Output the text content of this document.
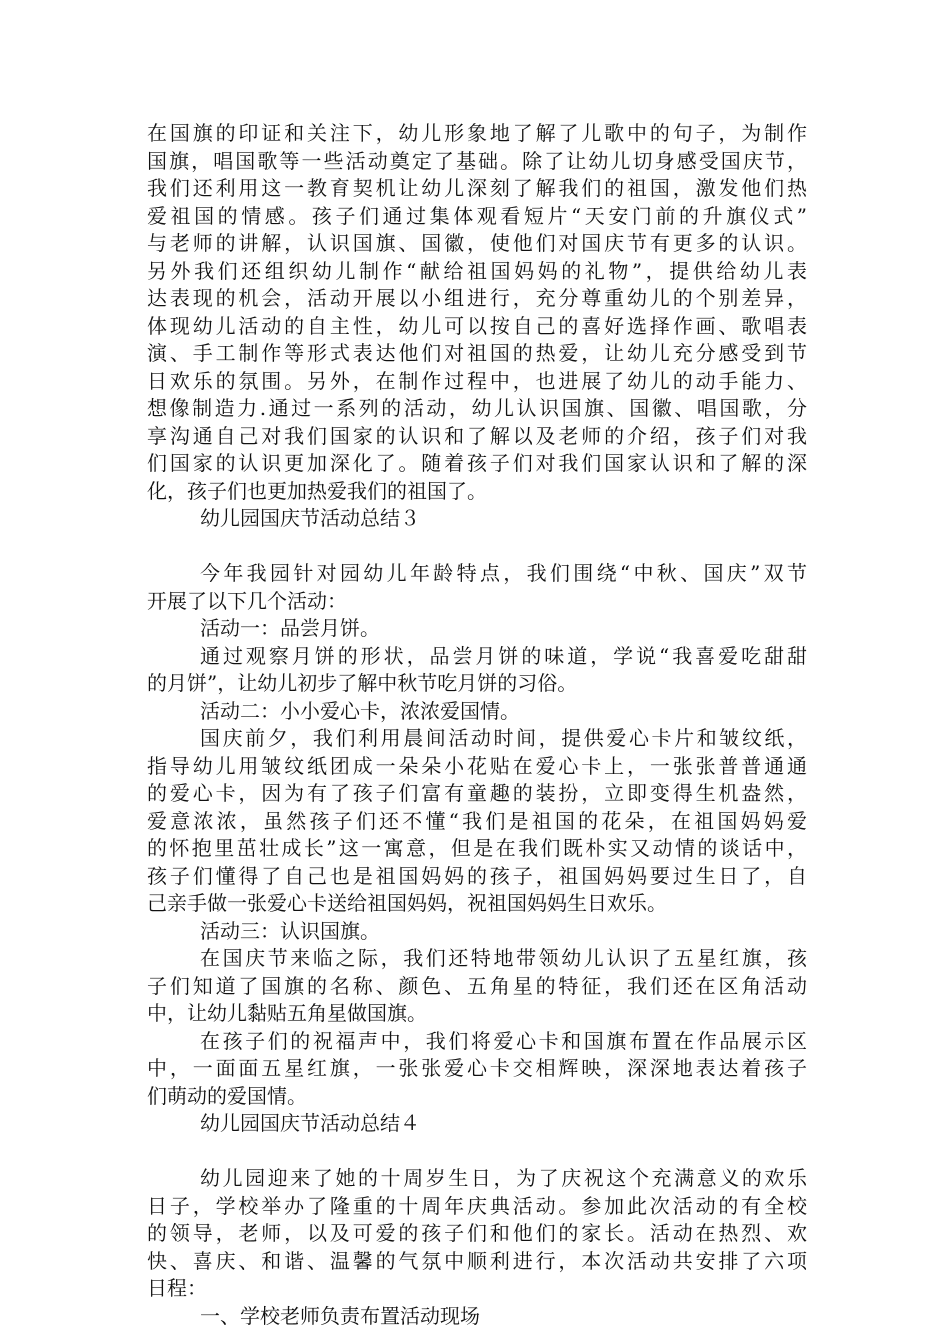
在国旗的印证和关注下，幼儿形象地了解了儿歌中的句子，为制作
国旗，唱国歌等一些活动奠定了基础。除了让幼儿切身感受国庆节，
我们还利用这一教育契机让幼儿深刻了解我们的祖国，激发他们热
爱祖国的情感。孩子们通过集体观看短片“天安门前的升旗仪式”
与老师的讲解，认识国旗、国徽，使他们对国庆节有更多的认识。
另外我们还组织幼儿制作“献给祖国妈妈的礼物”，提供给幼儿表
达表现的机会，活动开展以小组进行，充分尊重幼儿的个别差异，
体现幼儿活动的自主性，幼儿可以按自己的喜好选择作画、歌唱表
演、手工制作等形式表达他们对祖国的热爱，让幼儿充分感受到节
日欢乐的氛围。另外，在制作过程中，也进展了幼儿的动手能力、
想像制造力.通过一系列的活动，幼儿认识国旗、国徽、唱国歌，分
享沟通自己对我们国家的认识和了解以及老师的介绍，孩子们对我
们国家的认识更加深化了。随着孩子们对我们国家认识和了解的深
化，孩子们也更加热爱我们的祖国了。
幼儿园国庆节活动总结３
今年我园针对园幼儿年龄特点，我们围绕“中秋、国庆”双节
开展了以下几个活动：
活动一：品尝月饼。
通过观察月饼的形状，品尝月饼的味道，学说“我喜爱吃甜甜
的月饼”，让幼儿初步了解中秋节吃月饼的习俗。
活动二：小小爱心卡，浓浓爱国情。
国庆前夕，我们利用晨间活动时间，提供爱心卡片和皱纹纸，
指导幼儿用皱纹纸团成一朵朵小花贴在爱心卡上，一张张普普通通
的爱心卡，因为有了孩子们富有童趣的装扮，立即变得生机盎然，
爱意浓浓，虽然孩子们还不懂“我们是祖国的花朵，在祖国妈妈爱
的怀抱里茁壮成长”这一寓意，但是在我们既朴实又动情的谈话中，
孩子们懂得了自己也是祖国妈妈的孩子，祖国妈妈要过生日了，自
己亲手做一张爱心卡送给祖国妈妈，祝祖国妈妈生日欢乐。
活动三：认识国旗。
在国庆节来临之际，我们还特地带领幼儿认识了五星红旗，孩
子们知道了国旗的名称、颜色、五角星的特征，我们还在区角活动
中，让幼儿黏贴五角星做国旗。
在孩子们的祝福声中，我们将爱心卡和国旗布置在作品展示区
中，一面面五星红旗，一张张爱心卡交相辉映，深深地表达着孩子
们萌动的爱国情。
幼儿园国庆节活动总结４
幼儿园迎来了她的十周岁生日，为了庆祝这个充满意义的欢乐
日子，学校举办了隆重的十周年庆典活动。参加此次活动的有全校
的领导，老师，以及可爱的孩子们和他们的家长。活动在热烈、欢
快、喜庆、和谐、温馨的气氛中顺利进行，本次活动共安排了六项
日程：
一、学校老师负责布置活动现场
